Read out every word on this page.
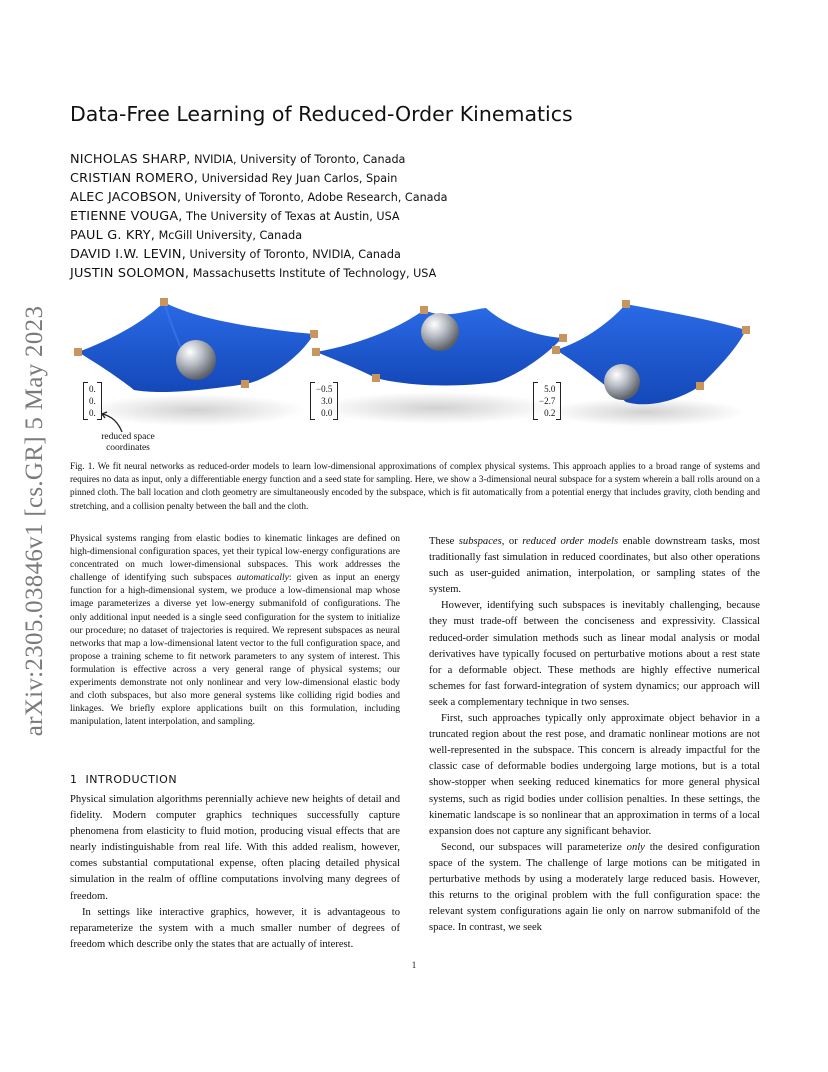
arXiv:2305.03846v1 [cs.GR] 5 May 2023
Data-Free Learning of Reduced-Order Kinematics
NICHOLAS SHARP, NVIDIA, University of Toronto, Canada
CRISTIAN ROMERO, Universidad Rey Juan Carlos, Spain
ALEC JACOBSON, University of Toronto, Adobe Research, Canada
ETIENNE VOUGA, The University of Texas at Austin, USA
PAUL G. KRY, McGill University, Canada
DAVID I.W. LEVIN, University of Toronto, NVIDIA, Canada
JUSTIN SOLOMON, Massachusetts Institute of Technology, USA
0.
0.
0.
−0.5
3.0
0.0
5.0
−2.7
0.2
reduced space
coordinates

Fig. 1. We fit neural networks as reduced-order models to learn low-dimensional approximations of complex physical systems. This approach applies to a broad range of systems and requires no data as input, only a differentiable energy function and a seed state for sampling. Here, we show a 3-dimensional neural subspace for a system wherein a ball rolls around on a pinned cloth. The ball location and cloth geometry are simultaneously encoded by the subspace, which is fit automatically from a potential energy that includes gravity, cloth bending and stretching, and a collision penalty between the ball and the cloth.

Physical systems ranging from elastic bodies to kinematic linkages are defined on high-dimensional configuration spaces, yet their typical low-energy configurations are concentrated on much lower-dimensional subspaces. This work addresses the challenge of identifying such subspaces automatically: given as input an energy function for a high-dimensional system, we produce a low-dimensional map whose image parameterizes a diverse yet low-energy submanifold of configurations. The only additional input needed is a single seed configuration for the system to initialize our procedure; no dataset of trajectories is required. We represent subspaces as neural networks that map a low-dimensional latent vector to the full configuration space, and propose a training scheme to fit network parameters to any system of interest. This formulation is effective across a very general range of physical systems; our experiments demonstrate not only nonlinear and very low-dimensional elastic body and cloth subspaces, but also more general systems like colliding rigid bodies and linkages. We briefly explore applications built on this formulation, including manipulation, latent interpolation, and sampling.

1 INTRODUCTION

Physical simulation algorithms perennially achieve new heights of detail and fidelity. Modern computer graphics techniques successfully capture phenomena from elasticity to fluid motion, producing visual effects that are nearly indistinguishable from real life. With this added realism, however, comes substantial computational expense, often placing detailed physical simulation in the realm of offline computations involving many degrees of freedom.

In settings like interactive graphics, however, it is advantageous to reparameterize the system with a much smaller number of degrees of freedom which describe only the states that are actually of interest.

These subspaces, or reduced order models enable downstream tasks, most traditionally fast simulation in reduced coordinates, but also other operations such as user-guided animation, interpolation, or sampling states of the system.

However, identifying such subspaces is inevitably challenging, because they must trade-off between the conciseness and expressivity. Classical reduced-order simulation methods such as linear modal analysis or modal derivatives have typically focused on perturbative motions about a rest state for a deformable object. These methods are highly effective numerical schemes for fast forward-integration of system dynamics; our approach will seek a complementary technique in two senses.

First, such approaches typically only approximate object behavior in a truncated region about the rest pose, and dramatic nonlinear motions are not well-represented in the subspace. This concern is already impactful for the classic case of deformable bodies undergoing large motions, but is a total show-stopper when seeking reduced kinematics for more general physical systems, such as rigid bodies under collision penalties. In these settings, the kinematic landscape is so nonlinear that an approximation in terms of a local expansion does not capture any significant behavior.

Second, our subspaces will parameterize only the desired configuration space of the system. The challenge of large motions can be mitigated in perturbative methods by using a moderately large reduced basis. However, this returns to the original problem with the full configuration space: the relevant system configurations again lie only on narrow submanifold of the space. In contrast, we seek

1
